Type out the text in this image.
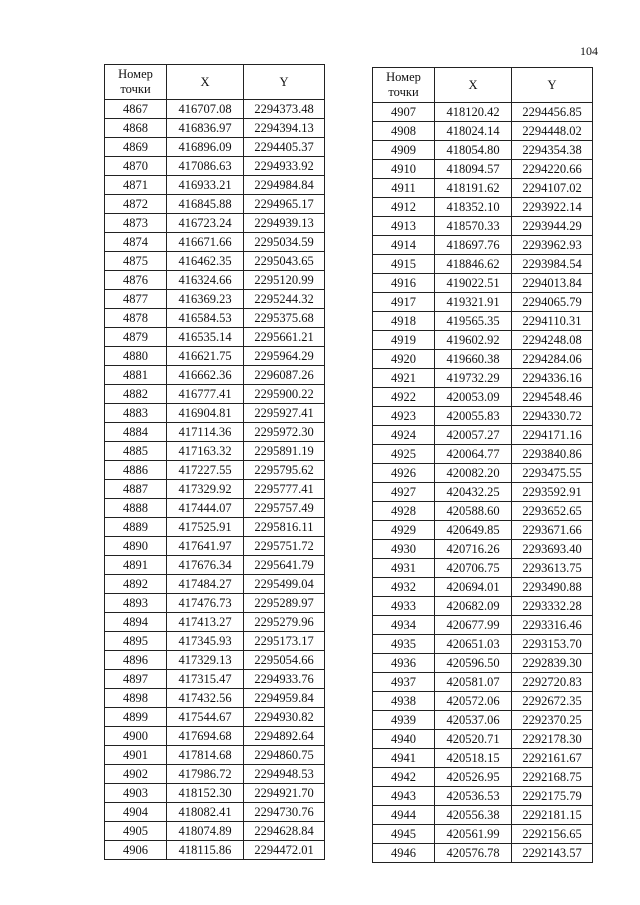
104
Номер
точки	X	Y
4867	416707.08	2294373.48
4868	416836.97	2294394.13
4869	416896.09	2294405.37
4870	417086.63	2294933.92
4871	416933.21	2294984.84
4872	416845.88	2294965.17
4873	416723.24	2294939.13
4874	416671.66	2295034.59
4875	416462.35	2295043.65
4876	416324.66	2295120.99
4877	416369.23	2295244.32
4878	416584.53	2295375.68
4879	416535.14	2295661.21
4880	416621.75	2295964.29
4881	416662.36	2296087.26
4882	416777.41	2295900.22
4883	416904.81	2295927.41
4884	417114.36	2295972.30
4885	417163.32	2295891.19
4886	417227.55	2295795.62
4887	417329.92	2295777.41
4888	417444.07	2295757.49
4889	417525.91	2295816.11
4890	417641.97	2295751.72
4891	417676.34	2295641.79
4892	417484.27	2295499.04
4893	417476.73	2295289.97
4894	417413.27	2295279.96
4895	417345.93	2295173.17
4896	417329.13	2295054.66
4897	417315.47	2294933.76
4898	417432.56	2294959.84
4899	417544.67	2294930.82
4900	417694.68	2294892.64
4901	417814.68	2294860.75
4902	417986.72	2294948.53
4903	418152.30	2294921.70
4904	418082.41	2294730.76
4905	418074.89	2294628.84
4906	418115.86	2294472.01
Номер
точки	X	Y
4907	418120.42	2294456.85
4908	418024.14	2294448.02
4909	418054.80	2294354.38
4910	418094.57	2294220.66
4911	418191.62	2294107.02
4912	418352.10	2293922.14
4913	418570.33	2293944.29
4914	418697.76	2293962.93
4915	418846.62	2293984.54
4916	419022.51	2294013.84
4917	419321.91	2294065.79
4918	419565.35	2294110.31
4919	419602.92	2294248.08
4920	419660.38	2294284.06
4921	419732.29	2294336.16
4922	420053.09	2294548.46
4923	420055.83	2294330.72
4924	420057.27	2294171.16
4925	420064.77	2293840.86
4926	420082.20	2293475.55
4927	420432.25	2293592.91
4928	420588.60	2293652.65
4929	420649.85	2293671.66
4930	420716.26	2293693.40
4931	420706.75	2293613.75
4932	420694.01	2293490.88
4933	420682.09	2293332.28
4934	420677.99	2293316.46
4935	420651.03	2293153.70
4936	420596.50	2292839.30
4937	420581.07	2292720.83
4938	420572.06	2292672.35
4939	420537.06	2292370.25
4940	420520.71	2292178.30
4941	420518.15	2292161.67
4942	420526.95	2292168.75
4943	420536.53	2292175.79
4944	420556.38	2292181.15
4945	420561.99	2292156.65
4946	420576.78	2292143.57
